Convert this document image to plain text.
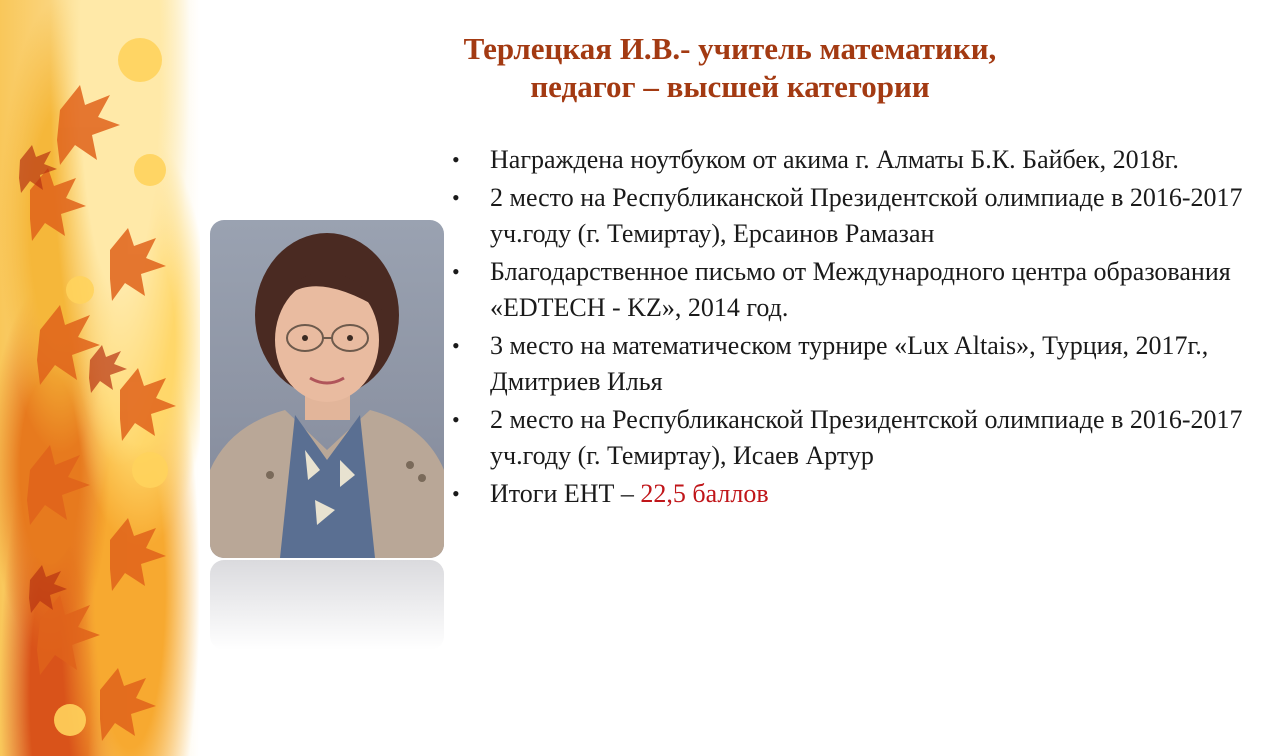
Терлецкая И.В.- учитель математики,
педагог – высшей категории
• Награждена ноутбуком от акима г. Алматы Б.К. Байбек, 2018г.
• 2 место на Республиканской Президентской олимпиаде в 2016-2017 уч.году (г. Темиртау), Ерсаинов Рамазан
• Благодарственное письмо от Международного центра образования «EDTECH - KZ», 2014 год.
• 3 место на математическом турнире «Lux Altais», Турция, 2017г., Дмитриев Илья
• 2 место на Республиканской Президентской олимпиаде в 2016-2017 уч.году (г. Темиртау), Исаев Артур
• Итоги ЕНТ – 22,5 баллов
